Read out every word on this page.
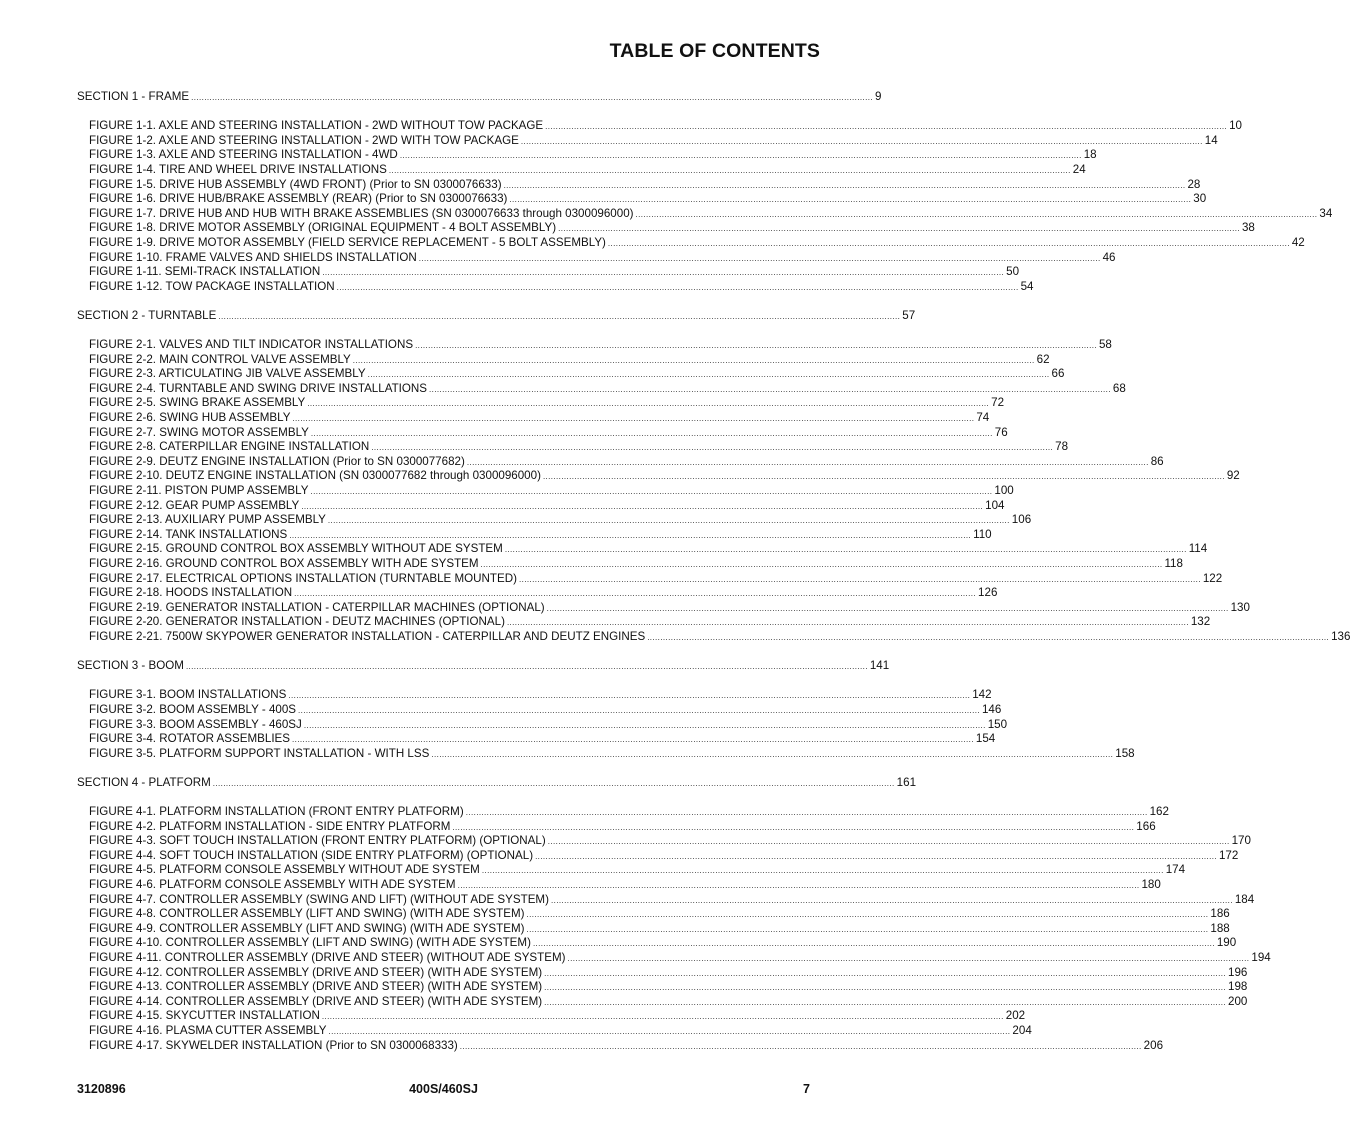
TABLE OF CONTENTS
SECTION 1 - FRAME .................................................................................................................................................................................................................................................................... 9
FIGURE 1-1. AXLE AND STEERING INSTALLATION - 2WD WITHOUT TOW PACKAGE .................................................................................................................................................................................................................................................................... 10
FIGURE 1-2. AXLE AND STEERING INSTALLATION - 2WD WITH TOW PACKAGE .................................................................................................................................................................................................................................................................... 14
FIGURE 1-3. AXLE AND STEERING INSTALLATION - 4WD .................................................................................................................................................................................................................................................................... 18
FIGURE 1-4. TIRE AND WHEEL DRIVE INSTALLATIONS .................................................................................................................................................................................................................................................................... 24
FIGURE 1-5. DRIVE HUB ASSEMBLY (4WD FRONT) (Prior to SN 0300076633) .................................................................................................................................................................................................................................................................... 28
FIGURE 1-6. DRIVE HUB/BRAKE ASSEMBLY (REAR) (Prior to SN 0300076633) .................................................................................................................................................................................................................................................................... 30
FIGURE 1-7. DRIVE HUB AND HUB WITH BRAKE ASSEMBLIES (SN 0300076633 through 0300096000) .................................................................................................................................................................................................................................................................... 34
FIGURE 1-8. DRIVE MOTOR ASSEMBLY (ORIGINAL EQUIPMENT - 4 BOLT ASSEMBLY) .................................................................................................................................................................................................................................................................... 38
FIGURE 1-9. DRIVE MOTOR ASSEMBLY (FIELD SERVICE REPLACEMENT - 5 BOLT ASSEMBLY) .................................................................................................................................................................................................................................................................... 42
FIGURE 1-10. FRAME VALVES AND SHIELDS INSTALLATION .................................................................................................................................................................................................................................................................... 46
FIGURE 1-11. SEMI-TRACK INSTALLATION .................................................................................................................................................................................................................................................................... 50
FIGURE 1-12. TOW PACKAGE INSTALLATION .................................................................................................................................................................................................................................................................... 54
SECTION 2 - TURNTABLE .................................................................................................................................................................................................................................................................... 57
FIGURE 2-1. VALVES AND TILT INDICATOR INSTALLATIONS .................................................................................................................................................................................................................................................................... 58
FIGURE 2-2. MAIN CONTROL VALVE ASSEMBLY .................................................................................................................................................................................................................................................................... 62
FIGURE 2-3. ARTICULATING JIB VALVE ASSEMBLY .................................................................................................................................................................................................................................................................... 66
FIGURE 2-4. TURNTABLE AND SWING DRIVE INSTALLATIONS .................................................................................................................................................................................................................................................................... 68
FIGURE 2-5. SWING BRAKE ASSEMBLY .................................................................................................................................................................................................................................................................... 72
FIGURE 2-6. SWING HUB ASSEMBLY .................................................................................................................................................................................................................................................................... 74
FIGURE 2-7. SWING MOTOR ASSEMBLY .................................................................................................................................................................................................................................................................... 76
FIGURE 2-8. CATERPILLAR ENGINE INSTALLATION .................................................................................................................................................................................................................................................................... 78
FIGURE 2-9. DEUTZ ENGINE INSTALLATION (Prior to SN 0300077682) .................................................................................................................................................................................................................................................................... 86
FIGURE 2-10. DEUTZ ENGINE INSTALLATION (SN 0300077682 through 0300096000) .................................................................................................................................................................................................................................................................... 92
FIGURE 2-11. PISTON PUMP ASSEMBLY .................................................................................................................................................................................................................................................................... 100
FIGURE 2-12. GEAR PUMP ASSEMBLY .................................................................................................................................................................................................................................................................... 104
FIGURE 2-13. AUXILIARY PUMP ASSEMBLY .................................................................................................................................................................................................................................................................... 106
FIGURE 2-14. TANK INSTALLATIONS .................................................................................................................................................................................................................................................................... 110
FIGURE 2-15. GROUND CONTROL BOX ASSEMBLY WITHOUT ADE SYSTEM .................................................................................................................................................................................................................................................................... 114
FIGURE 2-16. GROUND CONTROL BOX ASSEMBLY WITH ADE SYSTEM .................................................................................................................................................................................................................................................................... 118
FIGURE 2-17. ELECTRICAL OPTIONS INSTALLATION (TURNTABLE MOUNTED) .................................................................................................................................................................................................................................................................... 122
FIGURE 2-18. HOODS INSTALLATION .................................................................................................................................................................................................................................................................... 126
FIGURE 2-19. GENERATOR INSTALLATION - CATERPILLAR MACHINES (OPTIONAL) .................................................................................................................................................................................................................................................................... 130
FIGURE 2-20. GENERATOR INSTALLATION - DEUTZ MACHINES (OPTIONAL) .................................................................................................................................................................................................................................................................... 132
FIGURE 2-21. 7500W SKYPOWER GENERATOR INSTALLATION - CATERPILLAR AND DEUTZ ENGINES .................................................................................................................................................................................................................................................................... 136
SECTION 3 - BOOM .................................................................................................................................................................................................................................................................... 141
FIGURE 3-1. BOOM INSTALLATIONS .................................................................................................................................................................................................................................................................... 142
FIGURE 3-2. BOOM ASSEMBLY - 400S .................................................................................................................................................................................................................................................................... 146
FIGURE 3-3. BOOM ASSEMBLY - 460SJ .................................................................................................................................................................................................................................................................... 150
FIGURE 3-4. ROTATOR ASSEMBLIES .................................................................................................................................................................................................................................................................... 154
FIGURE 3-5. PLATFORM SUPPORT INSTALLATION - WITH LSS .................................................................................................................................................................................................................................................................... 158
SECTION 4 - PLATFORM .................................................................................................................................................................................................................................................................... 161
FIGURE 4-1. PLATFORM INSTALLATION (FRONT ENTRY PLATFORM) .................................................................................................................................................................................................................................................................... 162
FIGURE 4-2. PLATFORM INSTALLATION - SIDE ENTRY PLATFORM .................................................................................................................................................................................................................................................................... 166
FIGURE 4-3. SOFT TOUCH INSTALLATION (FRONT ENTRY PLATFORM) (OPTIONAL) .................................................................................................................................................................................................................................................................... 170
FIGURE 4-4. SOFT TOUCH INSTALLATION (SIDE ENTRY PLATFORM) (OPTIONAL) .................................................................................................................................................................................................................................................................... 172
FIGURE 4-5. PLATFORM CONSOLE ASSEMBLY WITHOUT ADE SYSTEM .................................................................................................................................................................................................................................................................... 174
FIGURE 4-6. PLATFORM CONSOLE ASSEMBLY WITH ADE SYSTEM .................................................................................................................................................................................................................................................................... 180
FIGURE 4-7. CONTROLLER ASSEMBLY (SWING AND LIFT) (WITHOUT ADE SYSTEM) .................................................................................................................................................................................................................................................................... 184
FIGURE 4-8. CONTROLLER ASSEMBLY (LIFT AND SWING) (WITH ADE SYSTEM) .................................................................................................................................................................................................................................................................... 186
FIGURE 4-9. CONTROLLER ASSEMBLY (LIFT AND SWING) (WITH ADE SYSTEM) .................................................................................................................................................................................................................................................................... 188
FIGURE 4-10. CONTROLLER ASSEMBLY (LIFT AND SWING) (WITH ADE SYSTEM) .................................................................................................................................................................................................................................................................... 190
FIGURE 4-11. CONTROLLER ASSEMBLY (DRIVE AND STEER) (WITHOUT ADE SYSTEM) .................................................................................................................................................................................................................................................................... 194
FIGURE 4-12. CONTROLLER ASSEMBLY (DRIVE AND STEER) (WITH ADE SYSTEM) .................................................................................................................................................................................................................................................................... 196
FIGURE 4-13. CONTROLLER ASSEMBLY (DRIVE AND STEER) (WITH ADE SYSTEM) .................................................................................................................................................................................................................................................................... 198
FIGURE 4-14. CONTROLLER ASSEMBLY (DRIVE AND STEER) (WITH ADE SYSTEM) .................................................................................................................................................................................................................................................................... 200
FIGURE 4-15. SKYCUTTER INSTALLATION .................................................................................................................................................................................................................................................................... 202
FIGURE 4-16. PLASMA CUTTER ASSEMBLY .................................................................................................................................................................................................................................................................... 204
FIGURE 4-17. SKYWELDER INSTALLATION (Prior to SN 0300068333) .................................................................................................................................................................................................................................................................... 206
3120896	400S/460SJ	7
